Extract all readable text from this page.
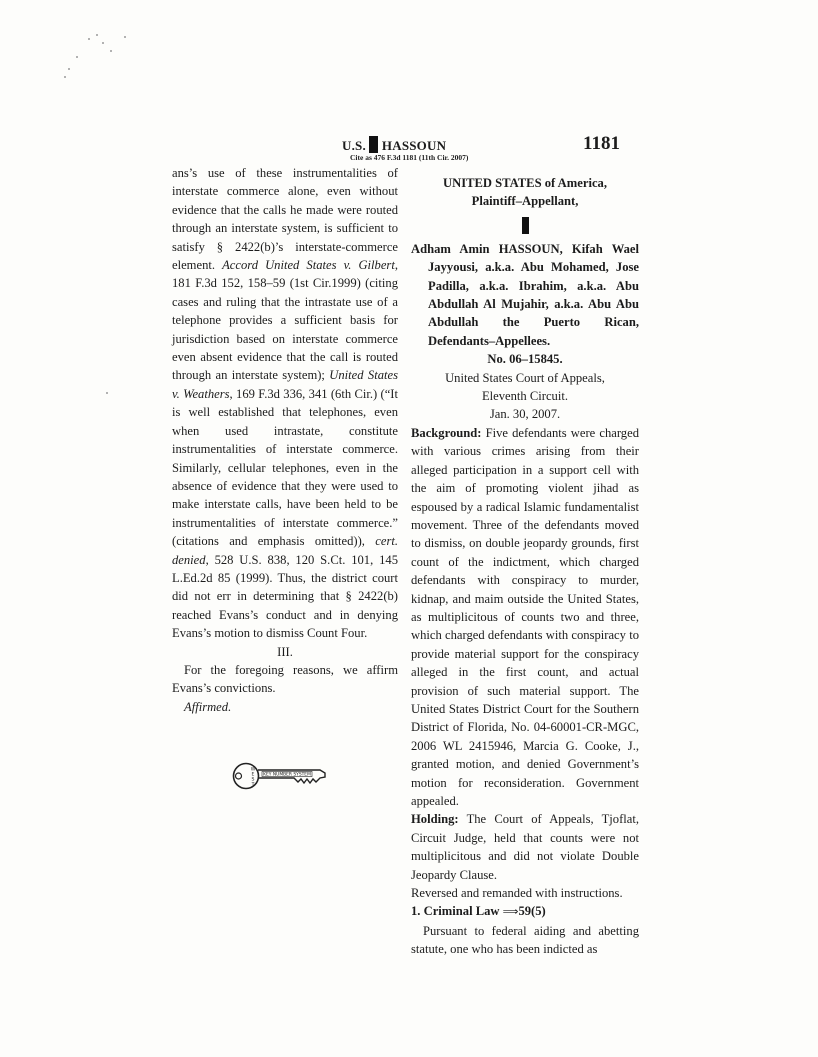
U.S. HASSOUN
Cite as 476 F.3d 1181 (11th Cir. 2007)
1181

ans’s use of these instrumentalities of interstate commerce alone, even without evidence that the calls he made were routed through an interstate system, is sufficient to satisfy § 2422(b)’s interstate-commerce element. Accord United States v. Gilbert, 181 F.3d 152, 158–59 (1st Cir.1999) (citing cases and ruling that the intrastate use of a telephone provides a sufficient basis for jurisdiction based on interstate commerce even absent evidence that the call is routed through an interstate system); United States v. Weathers, 169 F.3d 336, 341 (6th Cir.) (“It is well established that telephones, even when used intrastate, constitute instrumentalities of interstate commerce. Similarly, cellular telephones, even in the absence of evidence that they were used to make interstate calls, have been held to be instrumentalities of interstate commerce.” (citations and emphasis omitted)), cert. denied, 528 U.S. 838, 120 S.Ct. 101, 145 L.Ed.2d 85 (1999). Thus, the district court did not err in determining that § 2422(b) reached Evans’s conduct and in denying Evans’s motion to dismiss Count Four.

III.

For the foregoing reasons, we affirm Evans’s convictions.

Affirmed.

W
E
S
T
KEY NUMBER SYSTEM

UNITED STATES of America,

Plaintiff–Appellant,

Adham Amin HASSOUN, Kifah Wael Jayyousi, a.k.a. Abu Mohamed, Jose Padilla, a.k.a. Ibrahim, a.k.a. Abu Abdullah Al Mujahir, a.k.a. Abu Abu Abdullah the Puerto Rican, Defendants–Appellees.

No. 06–15845.

United States Court of Appeals,

Eleventh Circuit.

Jan. 30, 2007.

Background: Five defendants were charged with various crimes arising from their alleged participation in a support cell with the aim of promoting violent jihad as espoused by a radical Islamic fundamentalist movement. Three of the defendants moved to dismiss, on double jeopardy grounds, first count of the indictment, which charged defendants with conspiracy to murder, kidnap, and maim outside the United States, as multiplicitous of counts two and three, which charged defendants with conspiracy to provide material support for the conspiracy alleged in the first count, and actual provision of such material support. The United States District Court for the Southern District of Florida, No. 04-60001-CR-MGC, 2006 WL 2415946, Marcia G. Cooke, J., granted motion, and denied Government’s motion for reconsideration. Government appealed.

Holding: The Court of Appeals, Tjoflat, Circuit Judge, held that counts were not multiplicitous and did not violate Double Jeopardy Clause.

Reversed and remanded with instructions.

1. Criminal Law ⟹59(5)

Pursuant to federal aiding and abetting statute, one who has been indicted as
